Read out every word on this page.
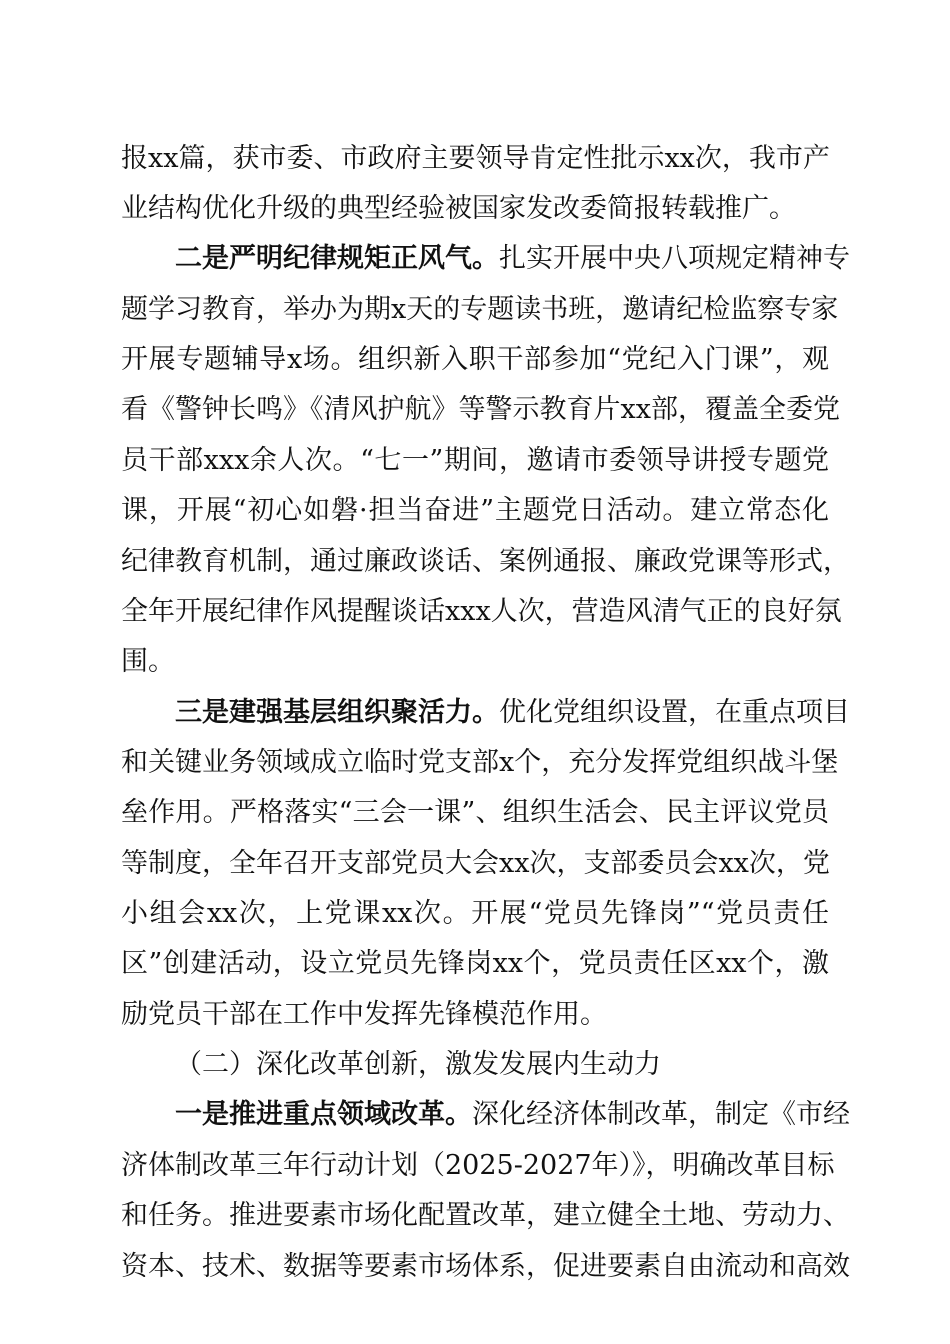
报xx篇，获市委、市政府主要领导肯定性批示xx次，我市产
业结构优化升级的典型经验被国家发改委简报转载推广。
二是严明纪律规矩正风气。扎实开展中央八项规定精神专
题学习教育，举办为期x天的专题读书班，邀请纪检监察专家
开展专题辅导x场。组织新入职干部参加“党纪入门课”，观
看《警钟长鸣》《清风护航》等警示教育片xx部，覆盖全委党
员干部xxx余人次。“七一”期间，邀请市委领导讲授专题党
课，开展“初心如磐·担当奋进”主题党日活动。建立常态化
纪律教育机制，通过廉政谈话、案例通报、廉政党课等形式，
全年开展纪律作风提醒谈话xxx人次，营造风清气正的良好氛
围。
三是建强基层组织聚活力。优化党组织设置，在重点项目
和关键业务领域成立临时党支部x个，充分发挥党组织战斗堡
垒作用。严格落实“三会一课”、组织生活会、民主评议党员
等制度，全年召开支部党员大会xx次，支部委员会xx次，党
小组会xx次，上党课xx次。开展“党员先锋岗”“党员责任
区”创建活动，设立党员先锋岗xx个，党员责任区xx个，激
励党员干部在工作中发挥先锋模范作用。
（二）深化改革创新，激发发展内生动力
一是推进重点领域改革。深化经济体制改革，制定《市经
济体制改革三年行动计划（2025-2027年）》，明确改革目标
和任务。推进要素市场化配置改革，建立健全土地、劳动力、
资本、技术、数据等要素市场体系，促进要素自由流动和高效
